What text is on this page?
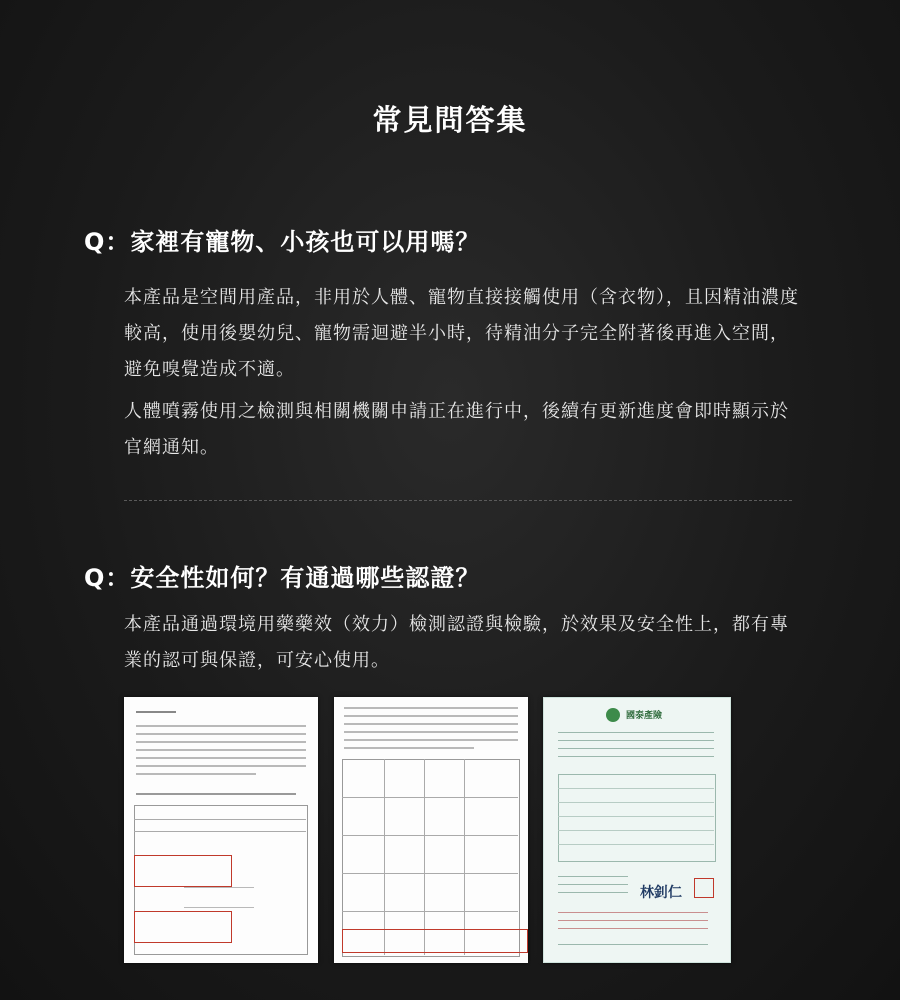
常見問答集
Q：家裡有寵物、小孩也可以用嗎？
本產品是空間用產品，非用於人體、寵物直接接觸使用（含衣物），且因精油濃度較高，使用後嬰幼兒、寵物需迴避半小時，待精油分子完全附著後再進入空間，避免嗅覺造成不適。
人體噴霧使用之檢測與相關機關申請正在進行中，後續有更新進度會即時顯示於官網通知。
Q：安全性如何？有通過哪些認證？
本產品通過環境用藥藥效（效力）檢測認證與檢驗，於效果及安全性上，都有專業的認可與保證，可安心使用。
國泰產險
林釗仁
